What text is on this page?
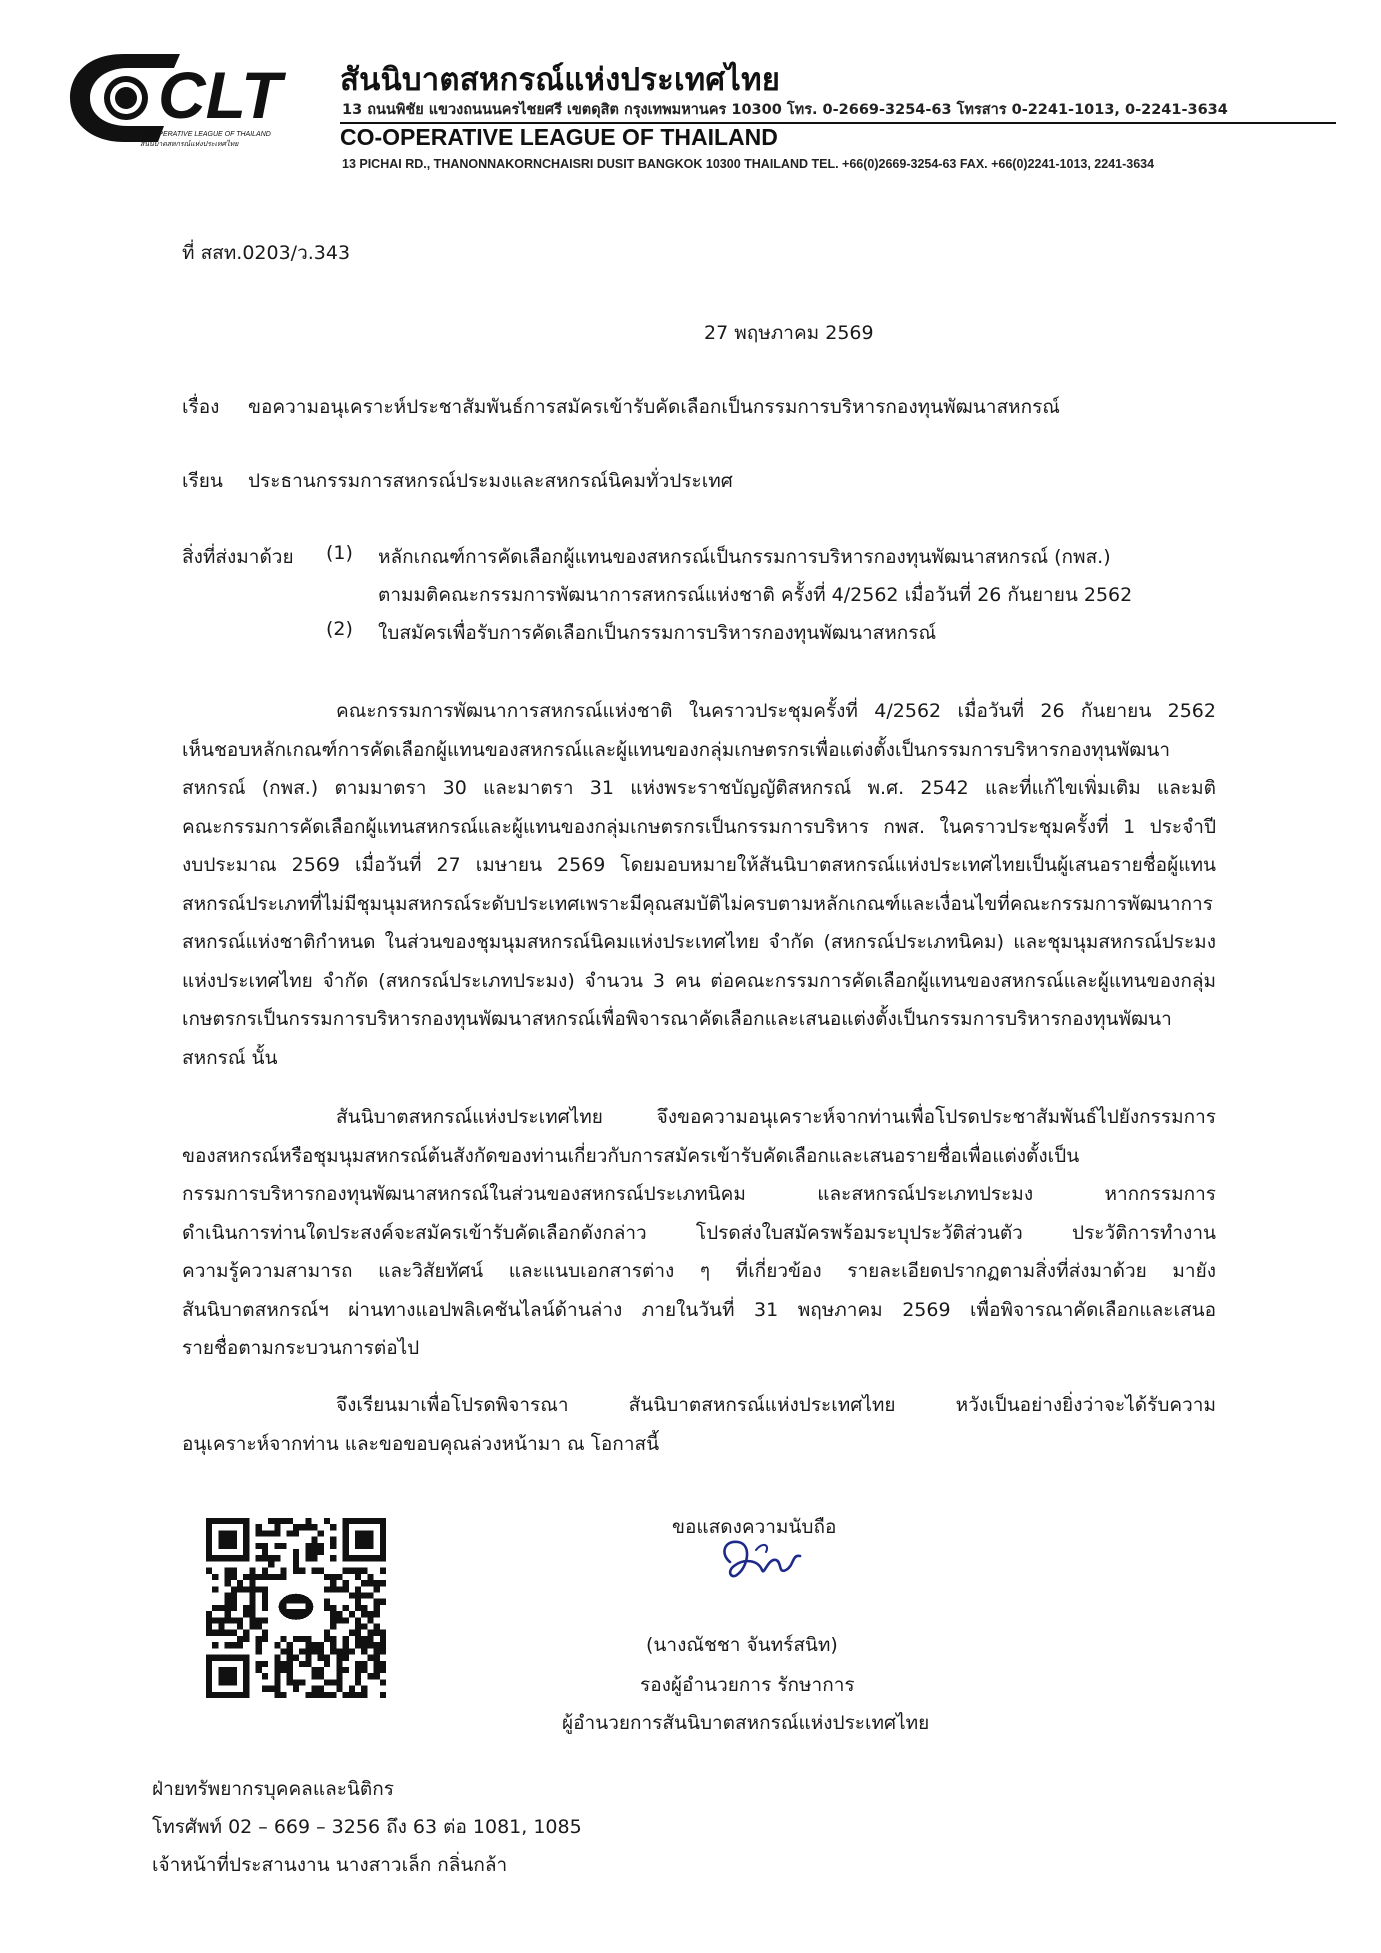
CLT
CO-OPERATIVE LEAGUE OF THAILAND
สันนิบาตสหกรณ์แห่งประเทศไทย
สันนิบาตสหกรณ์แห่งประเทศไทย
13 ถนนพิชัย แขวงถนนนครไชยศรี เขตดุสิต กรุงเทพมหานคร 10300 โทร. 0-2669-3254-63 โทรสาร 0-2241-1013, 0-2241-3634
CO-OPERATIVE LEAGUE OF THAILAND
13 PICHAI RD., THANONNAKORNCHAISRI DUSIT BANGKOK 10300 THAILAND TEL. +66(0)2669-3254-63 FAX. +66(0)2241-1013, 2241-3634
ที่ สสท.0203/ว.343
27 พฤษภาคม 2569
เรื่อง ขอความอนุเคราะห์ประชาสัมพันธ์การสมัครเข้ารับคัดเลือกเป็นกรรมการบริหารกองทุนพัฒนาสหกรณ์
เรียน ประธานกรรมการสหกรณ์ประมงและสหกรณ์นิคมทั่วประเทศ
สิ่งที่ส่งมาด้วย (1) หลักเกณฑ์การคัดเลือกผู้แทนของสหกรณ์เป็นกรรมการบริหารกองทุนพัฒนาสหกรณ์ (กพส.)
ตามมติคณะกรรมการพัฒนาการสหกรณ์แห่งชาติ ครั้งที่ 4/2562 เมื่อวันที่ 26 กันยายน 2562
(2) ใบสมัครเพื่อรับการคัดเลือกเป็นกรรมการบริหารกองทุนพัฒนาสหกรณ์
คณะกรรมการพัฒนาการสหกรณ์แห่งชาติ ในคราวประชุมครั้งที่ 4/2562 เมื่อวันที่ 26 กันยายน 2562
เห็นชอบหลักเกณฑ์การคัดเลือกผู้แทนของสหกรณ์และผู้แทนของกลุ่มเกษตรกรเพื่อแต่งตั้งเป็นกรรมการบริหารกองทุนพัฒนา
สหกรณ์ (กพส.) ตามมาตรา 30 และมาตรา 31 แห่งพระราชบัญญัติสหกรณ์ พ.ศ. 2542 และที่แก้ไขเพิ่มเติม และมติ
คณะกรรมการคัดเลือกผู้แทนสหกรณ์และผู้แทนของกลุ่มเกษตรกรเป็นกรรมการบริหาร กพส. ในคราวประชุมครั้งที่ 1 ประจำปี
งบประมาณ 2569 เมื่อวันที่ 27 เมษายน 2569 โดยมอบหมายให้สันนิบาตสหกรณ์แห่งประเทศไทยเป็นผู้เสนอรายชื่อผู้แทน
สหกรณ์ประเภทที่ไม่มีชุมนุมสหกรณ์ระดับประเทศเพราะมีคุณสมบัติไม่ครบตามหลักเกณฑ์และเงื่อนไขที่คณะกรรมการพัฒนาการ
สหกรณ์แห่งชาติกำหนด ในส่วนของชุมนุมสหกรณ์นิคมแห่งประเทศไทย จำกัด (สหกรณ์ประเภทนิคม) และชุมนุมสหกรณ์ประมง
แห่งประเทศไทย จำกัด (สหกรณ์ประเภทประมง) จำนวน 3 คน ต่อคณะกรรมการคัดเลือกผู้แทนของสหกรณ์และผู้แทนของกลุ่ม
เกษตรกรเป็นกรรมการบริหารกองทุนพัฒนาสหกรณ์เพื่อพิจารณาคัดเลือกและเสนอแต่งตั้งเป็นกรรมการบริหารกองทุนพัฒนา
สหกรณ์ นั้น
สันนิบาตสหกรณ์แห่งประเทศไทย จึงขอความอนุเคราะห์จากท่านเพื่อโปรดประชาสัมพันธ์ไปยังกรรมการ
ของสหกรณ์หรือชุมนุมสหกรณ์ต้นสังกัดของท่านเกี่ยวกับการสมัครเข้ารับคัดเลือกและเสนอรายชื่อเพื่อแต่งตั้งเป็น
กรรมการบริหารกองทุนพัฒนาสหกรณ์ในส่วนของสหกรณ์ประเภทนิคม และสหกรณ์ประเภทประมง หากกรรมการ
ดำเนินการท่านใดประสงค์จะสมัครเข้ารับคัดเลือกดังกล่าว โปรดส่งใบสมัครพร้อมระบุประวัติส่วนตัว ประวัติการทำงาน
ความรู้ความสามารถ และวิสัยทัศน์ และแนบเอกสารต่าง ๆ ที่เกี่ยวข้อง รายละเอียดปรากฏตามสิ่งที่ส่งมาด้วย มายัง
สันนิบาตสหกรณ์ฯ ผ่านทางแอปพลิเคชันไลน์ด้านล่าง ภายในวันที่ 31 พฤษภาคม 2569 เพื่อพิจารณาคัดเลือกและเสนอ
รายชื่อตามกระบวนการต่อไป
จึงเรียนมาเพื่อโปรดพิจารณา สันนิบาตสหกรณ์แห่งประเทศไทย หวังเป็นอย่างยิ่งว่าจะได้รับความ
อนุเคราะห์จากท่าน และขอขอบคุณล่วงหน้ามา ณ โอกาสนี้
ขอแสดงความนับถือ
(นางณัชชา จันทร์สนิท)
รองผู้อำนวยการ รักษาการ
ผู้อำนวยการสันนิบาตสหกรณ์แห่งประเทศไทย
ฝ่ายทรัพยากรบุคคลและนิติกร
โทรศัพท์ 02 – 669 – 3256 ถึง 63 ต่อ 1081, 1085
เจ้าหน้าที่ประสานงาน นางสาวเล็ก กลิ่นกล้า
